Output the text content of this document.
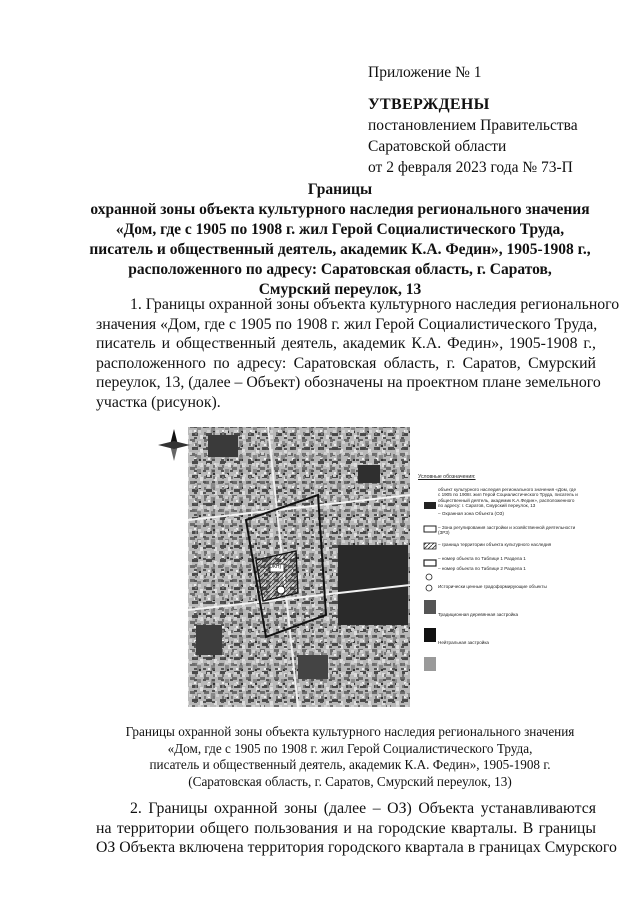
Приложение № 1
УТВЕРЖДЕНЫ
постановлением Правительства
Саратовской области
от 2 февраля 2023 года № 73-П
Границы
охранной зоны объекта культурного наследия регионального значения
«Дом, где с 1905 по 1908 г. жил Герой Социалистического Труда,
писатель и общественный деятель, академик К.А. Федин», 1905-1908 г.,
расположенного по адресу: Саратовская область, г. Саратов,
Смурский переулок, 13
1. Границы охранной зоны объекта культурного наследия регионального
значения «Дом, где с 1905 по 1908 г. жил Герой Социалистического Труда,
писатель и общественный деятель, академик К.А. Федин», 1905-1908 г.,
расположенного по адресу: Саратовская область, г. Саратов, Смурский
переулок, 13, (далее – Объект) обозначены на проектном плане земельного
участка (рисунок).
Условные обозначения:
объект культурного наследия регионального значения «Дом, где с 1905 по 1908г. жил Герой Социалистического Труда, писатель и общественный деятель, академик К.А.Федин», расположенного по адресу: г. Саратов, Смурский переулок, 13
– Охранная зона Объекта (ОЗ)
– Зона регулирования застройки и хозяйственной деятельности (ЗРЗ)
– граница территории объекта культурного наследия
– номер объекта по Таблице 1 Раздела 1
– номер объекта по Таблице 2 Раздела 1
Исторически ценные градоформирующие объекты
Традиционная деревянная застройка
Нейтральная застройка
Z:(ОКН)
Границы охранной зоны объекта культурного наследия регионального значения
«Дом, где с 1905 по 1908 г. жил Герой Социалистического Труда,
писатель и общественный деятель, академик К.А. Федин», 1905-1908 г.
(Саратовская область, г. Саратов, Смурский переулок, 13)
2. Границы охранной зоны (далее – ОЗ) Объекта устанавливаются
на территории общего пользования и на городские кварталы. В границы
ОЗ Объекта включена территория городского квартала в границах Смурского
